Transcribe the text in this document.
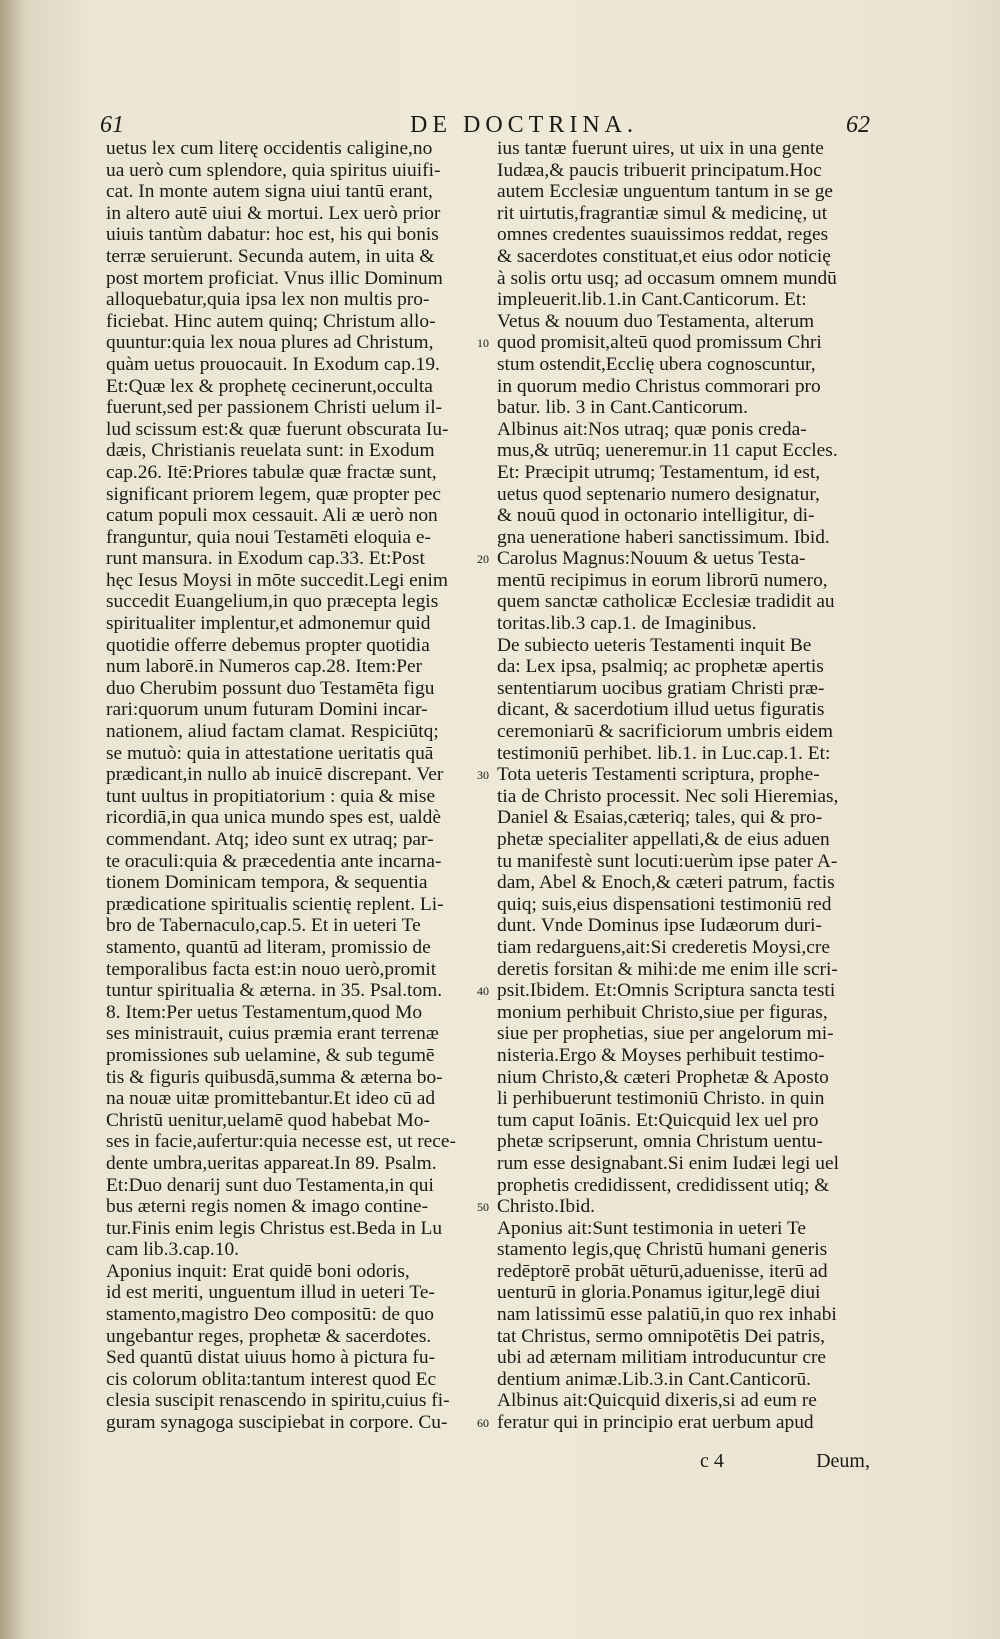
61	DE DOCTRINA.	62
uetus lex cum literę occidentis caligine,no
ua uerò cum splendore, quia spiritus uiuifi-
cat. In monte autem signa uiui tantū erant,
in altero autē uiui & mortui. Lex uerò prior
uiuis tantùm dabatur: hoc est, his qui bonis
terræ seruierunt. Secunda autem, in uita &
post mortem proficiat. Vnus illic Dominum
alloquebatur,quia ipsa lex non multis pro-
ficiebat. Hinc autem quinq; Christum allo-
quuntur:quia lex noua plures ad Christum,
quàm uetus prouocauit. In Exodum cap.19.
Et:Quæ lex & prophetę cecinerunt,occulta
fuerunt,sed per passionem Christi uelum il-
lud scissum est:& quæ fuerunt obscurata Iu-
dæis, Christianis reuelata sunt: in Exodum
cap.26. Itē:Priores tabulæ quæ fractæ sunt,
significant priorem legem, quæ propter pec
catum populi mox cessauit. Ali æ uerò non
franguntur, quia noui Testamēti eloquia e-
runt mansura. in Exodum cap.33. Et:Post
hęc Iesus Moysi in mōte succedit.Legi enim
succedit Euangelium,in quo præcepta legis
spiritualiter implentur,et admonemur quid
quotidie offerre debemus propter quotidia
num laborē.in Numeros cap.28. Item:Per
duo Cherubim possunt duo Testamēta figu
rari:quorum unum futuram Domini incar-
nationem, aliud factam clamat. Respiciūtq;
se mutuò: quia in attestatione ueritatis quā
prædicant,in nullo ab inuicē discrepant. Ver
tunt uultus in propitiatorium : quia & mise
ricordiā,in qua unica mundo spes est, ualdè
commendant. Atq; ideo sunt ex utraq; par-
te oraculi:quia & præcedentia ante incarna-
tionem Dominicam tempora, & sequentia
prædicatione spiritualis scientię replent. Li-
bro de Tabernaculo,cap.5. Et in ueteri Te
stamento, quantū ad literam, promissio de
temporalibus facta est:in nouo uerò,promit
tuntur spiritualia & æterna. in 35. Psal.tom.
8. Item:Per uetus Testamentum,quod Mo
ses ministrauit, cuius præmia erant terrenæ
promissiones sub uelamine, & sub tegumē
tis & figuris quibusdā,summa & æterna bo-
na nouæ uitæ promittebantur.Et ideo cū ad
Christū uenitur,uelamē quod habebat Mo-
ses in facie,aufertur:quia necesse est, ut rece-
dente umbra,ueritas appareat.In 89. Psalm.
Et:Duo denarij sunt duo Testamenta,in qui
bus æterni regis nomen & imago contine-
tur.Finis enim legis Christus est.Beda in Lu
cam lib.3.cap.10.
Aponius inquit: Erat quidē boni odoris,
id est meriti, unguentum illud in ueteri Te-
stamento,magistro Deo compositū: de quo
ungebantur reges, prophetæ & sacerdotes.
Sed quantū distat uiuus homo à pictura fu-
cis colorum oblita:tantum interest quod Ec
clesia suscipit renascendo in spiritu,cuius fi-
guram synagoga suscipiebat in corpore. Cu-
10
20
30
40
50
60
ius tantæ fuerunt uires, ut uix in una gente
Iudæa,& paucis tribuerit principatum.Hoc
autem Ecclesiæ unguentum tantum in se ge
rit uirtutis,fragrantiæ simul & medicinę, ut
omnes credentes suauissimos reddat, reges
& sacerdotes constituat,et eius odor noticię
à solis ortu usq; ad occasum omnem mundū
impleuerit.lib.1.in Cant.Canticorum. Et:
Vetus & nouum duo Testamenta, alterum
quod promisit,alteū quod promissum Chri
stum ostendit,Ecclię ubera cognoscuntur,
in quorum medio Christus commorari pro
batur. lib. 3 in Cant.Canticorum.
Albinus ait:Nos utraq; quæ ponis creda-
mus,& utrūq; ueneremur.in 11 caput Eccles.
Et: Præcipit utrumq; Testamentum, id est,
uetus quod septenario numero designatur,
& nouū quod in octonario intelligitur, di-
gna ueneratione haberi sanctissimum. Ibid.
Carolus Magnus:Nouum & uetus Testa-
mentū recipimus in eorum librorū numero,
quem sanctæ catholicæ Ecclesiæ tradidit au
toritas.lib.3 cap.1. de Imaginibus.
De subiecto ueteris Testamenti inquit Be
da: Lex ipsa, psalmiq; ac prophetæ apertis
sententiarum uocibus gratiam Christi præ-
dicant, & sacerdotium illud uetus figuratis
ceremoniarū & sacrificiorum umbris eidem
testimoniū perhibet. lib.1. in Luc.cap.1. Et:
Tota ueteris Testamenti scriptura, prophe-
tia de Christo processit. Nec soli Hieremias,
Daniel & Esaias,cæteriq; tales, qui & pro-
phetæ specialiter appellati,& de eius aduen
tu manifestè sunt locuti:uerùm ipse pater A-
dam, Abel & Enoch,& cæteri patrum, factis
quiq; suis,eius dispensationi testimoniū red
dunt. Vnde Dominus ipse Iudæorum duri-
tiam redarguens,ait:Si crederetis Moysi,cre
deretis forsitan & mihi:de me enim ille scri-
psit.Ibidem. Et:Omnis Scriptura sancta testi
monium perhibuit Christo,siue per figuras,
siue per prophetias, siue per angelorum mi-
nisteria.Ergo & Moyses perhibuit testimo-
nium Christo,& cæteri Prophetæ & Aposto
li perhibuerunt testimoniū Christo. in quin
tum caput Ioānis. Et:Quicquid lex uel pro
phetæ scripserunt, omnia Christum uentu-
rum esse designabant.Si enim Iudæi legi uel
prophetis credidissent, credidissent utiq; &
Christo.Ibid.
Aponius ait:Sunt testimonia in ueteri Te
stamento legis,quę Christū humani generis
redēptorē probāt uēturū,aduenisse, iterū ad
uenturū in gloria.Ponamus igitur,legē diui
nam latissimū esse palatiū,in quo rex inhabi
tat Christus, sermo omnipotētis Dei patris,
ubi ad æternam militiam introducuntur cre
dentium animæ.Lib.3.in Cant.Canticorū.
Albinus ait:Quicquid dixeris,si ad eum re
feratur qui in principio erat uerbum apud
c 4	Deum,
